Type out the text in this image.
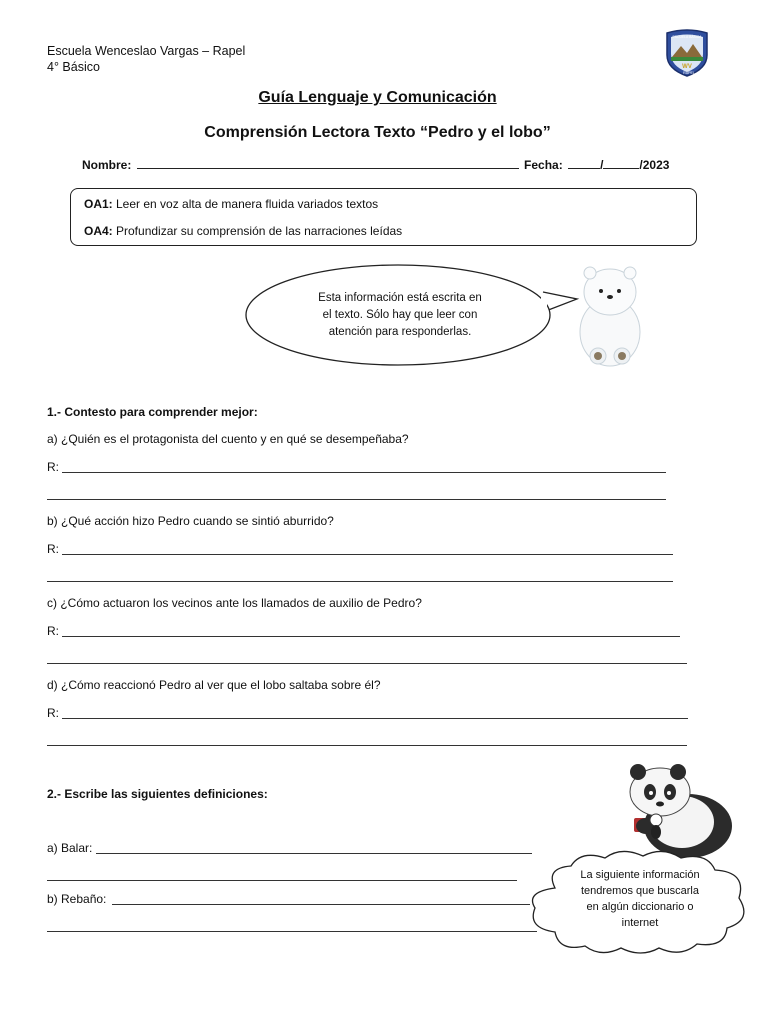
Escuela Wenceslao Vargas – Rapel
4° Básico
ESCUELA BÁSICA
WV
RAPEL
Guía Lenguaje y Comunicación
Comprensión Lectora Texto “Pedro y el lobo”
Nombre:	Fecha:	/	/2023
OA1: Leer en voz alta de manera fluida variados textos
OA4: Profundizar su comprensión de las narraciones leídas
Esta información está escrita en
el texto. Sólo hay que leer con
atención para responderlas.
1.- Contesto para comprender mejor:
a) ¿Quién es el protagonista del cuento y en qué se desempeñaba?
R:
b) ¿Qué acción hizo Pedro cuando se sintió aburrido?
R:
c) ¿Cómo actuaron los vecinos ante los llamados de auxilio de Pedro?
R:
d) ¿Cómo reaccionó Pedro al ver que el lobo saltaba sobre él?
R:
2.- Escribe las siguientes definiciones:
a) Balar:
b) Rebaño:
La siguiente información
tendremos que buscarla
en algún diccionario o
internet
